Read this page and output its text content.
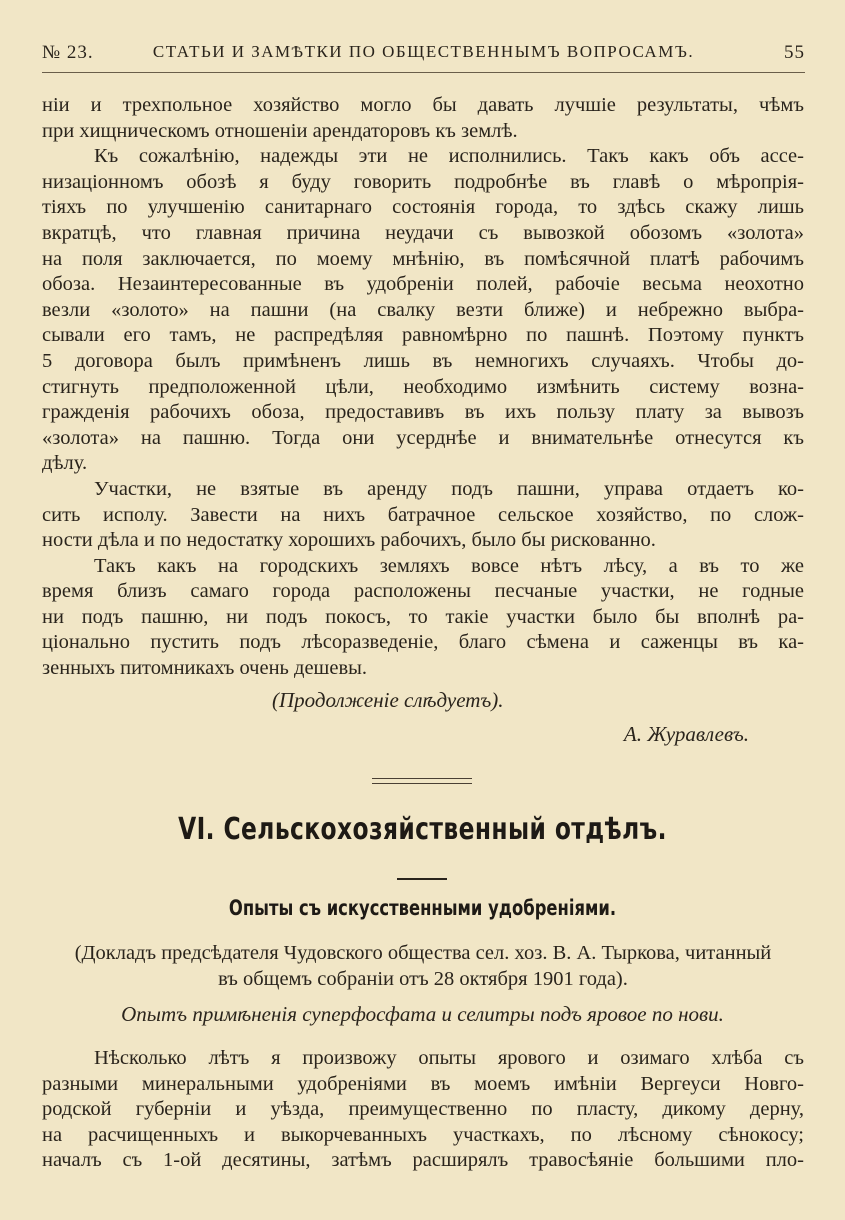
№ 23.	СТАТЬИ И ЗАМѢТКИ ПО ОБЩЕСТВЕННЫМЪ ВОПРОСАМЪ.	55
нiи и трехпольное хозяйство могло бы давать лучшiе результаты, чѣмъ
при хищническомъ отношенiи арендаторовъ къ землѣ.
Къ сожалѣнiю, надежды эти не исполнились. Такъ какъ объ ассе-
низацiонномъ обозѣ я буду говорить подробнѣе въ главѣ о мѣропрiя-
тiяхъ по улучшенiю санитарнаго состоянiя города, то здѣсь скажу лишь
вкратцѣ, что главная причина неудачи съ вывозкой обозомъ «золота»
на поля заключается, по моему мнѣнiю, въ помѣсячной платѣ рабочимъ
обоза. Незаинтересованные въ удобренiи полей, рабочiе весьма неохотно
везли «золото» на пашни (на свалку везти ближе) и небрежно выбра-
сывали его тамъ, не распредѣляя равномѣрно по пашнѣ. Поэтому пунктъ
5 договора былъ примѣненъ лишь въ немногихъ случаяхъ. Чтобы до-
стигнуть предположенной цѣли, необходимо измѣнить систему возна-
гражденiя рабочихъ обоза, предоставивъ въ ихъ пользу плату за вывозъ
«золота» на пашню. Тогда они усерднѣе и внимательнѣе отнесутся къ
дѣлу.
Участки, не взятые въ аренду подъ пашни, управа отдаетъ ко-
сить исполу. Завести на нихъ батрачное сельское хозяйство, по слож-
ности дѣла и по недостатку хорошихъ рабочихъ, было бы рискованно.
Такъ какъ на городскихъ земляхъ вовсе нѣтъ лѣсу, а въ то же
время близъ самаго города расположены песчаные участки, не годные
ни подъ пашню, ни подъ покосъ, то такiе участки было бы вполнѣ ра-
цiонально пустить подъ лѣсоразведенiе, благо сѣмена и саженцы въ ка-
зенныхъ питомникахъ очень дешевы.
(Продолженiе слѣдуетъ).
А. Журавлевъ.
VI. Сельскохозяйственный отдѣлъ.
Опыты съ искусственными удобренiями.
(Докладъ предсѣдателя Чудовского общества сел. хоз. В. А. Тыркова, читанный
въ общемъ собранiи отъ 28 октября 1901 года).
Опытъ примѣненiя суперфосфата и селитры подъ яровое по нови.
Нѣсколько лѣтъ я произвожу опыты ярового и озимаго хлѣба съ
разными минеральными удобренiями въ моемъ имѣнiи Вергеуси Новго-
родской губернiи и уѣзда, преимущественно по пласту, дикому дерну,
на расчищенныхъ и выкорчеванныхъ участкахъ, по лѣсному сѣнокосу;
началъ съ 1-ой десятины, затѣмъ расширялъ травосѣянiе большими пло-
